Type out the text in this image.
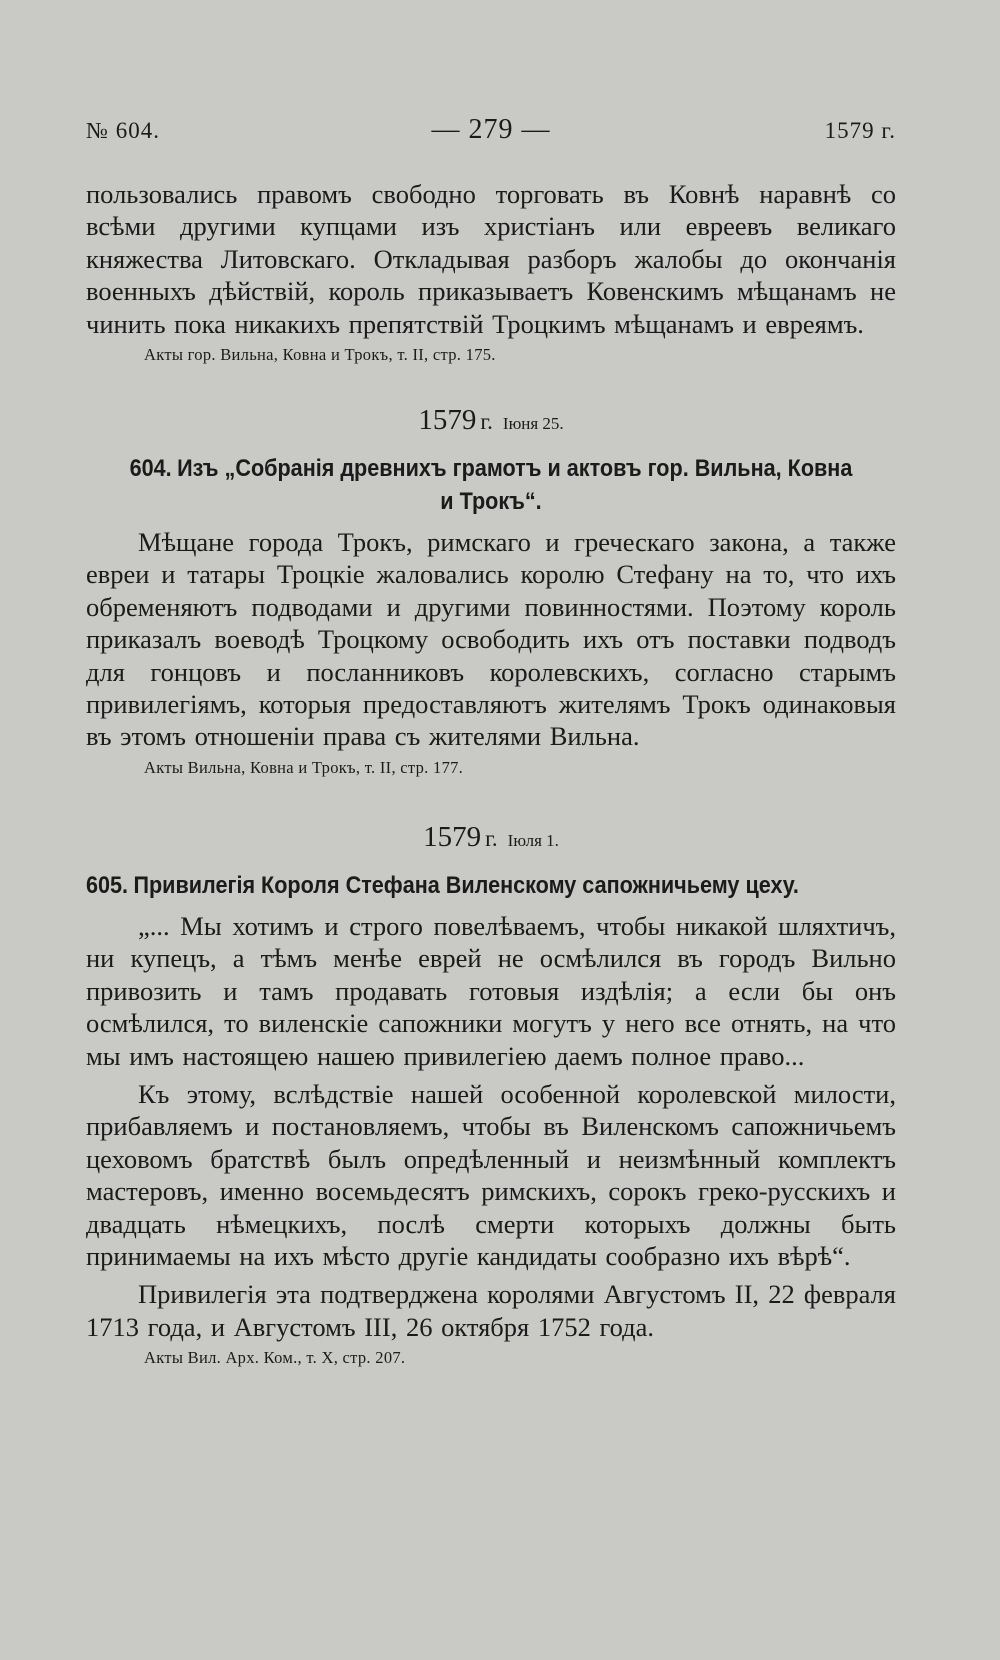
№ 604.	— 279 —	1579 г.

пользовались правомъ свободно торговать въ Ковнѣ наравнѣ со всѣми другими купцами изъ христіанъ или евреевъ великаго княжества Литовскаго. Откладывая разборъ жалобы до окончанія военныхъ дѣйствій, король приказываетъ Ковенскимъ мѣщанамъ не чинить пока никакихъ препятствій Троцкимъ мѣщанамъ и евреямъ.

Акты гор. Вильна, Ковна и Трокъ, т. II, стр. 175.
1579 г. Іюня 25.
604. Изъ „Собранія древнихъ грамотъ и актовъ гор. Вильна, Ковна и Трокъ“.

Мѣщане города Трокъ, римскаго и греческаго закона, а также евреи и татары Троцкіе жаловались королю Стефану на то, что ихъ обременяютъ подводами и другими повинностями. Поэтому король приказалъ воеводѣ Троцкому освободить ихъ отъ поставки подводъ для гонцовъ и посланниковъ королевскихъ, согласно старымъ привилегіямъ, которыя предоставляютъ жителямъ Трокъ одинаковыя въ этомъ отношеніи права съ жителями Вильна.

Акты Вильна, Ковна и Трокъ, т. II, стр. 177.
1579 г. Іюля 1.
605. Привилегія Короля Стефана Виленскому сапожничьему цеху.

„... Мы хотимъ и строго повелѣваемъ, чтобы никакой шляхтичъ, ни купецъ, а тѣмъ менѣе еврей не осмѣлился въ городъ Вильно привозить и тамъ продавать готовыя издѣлія; а если бы онъ осмѣлился, то виленскіе сапожники могутъ у него все отнять, на что мы имъ настоящею нашею привилегіею даемъ полное право...

Къ этому, вслѣдствіе нашей особенной королевской милости, прибавляемъ и постановляемъ, чтобы въ Виленскомъ сапожничьемъ цеховомъ братствѣ былъ опредѣленный и неизмѣнный комплектъ мастеровъ, именно восемьдесятъ римскихъ, сорокъ греко-русскихъ и двадцать нѣмецкихъ, послѣ смерти которыхъ должны быть принимаемы на ихъ мѣсто другіе кандидаты сообразно ихъ вѣрѣ“.

Привилегія эта подтверджена королями Августомъ II, 22 февраля 1713 года, и Августомъ III, 26 октября 1752 года.

Акты Вил. Арх. Ком., т. X, стр. 207.
